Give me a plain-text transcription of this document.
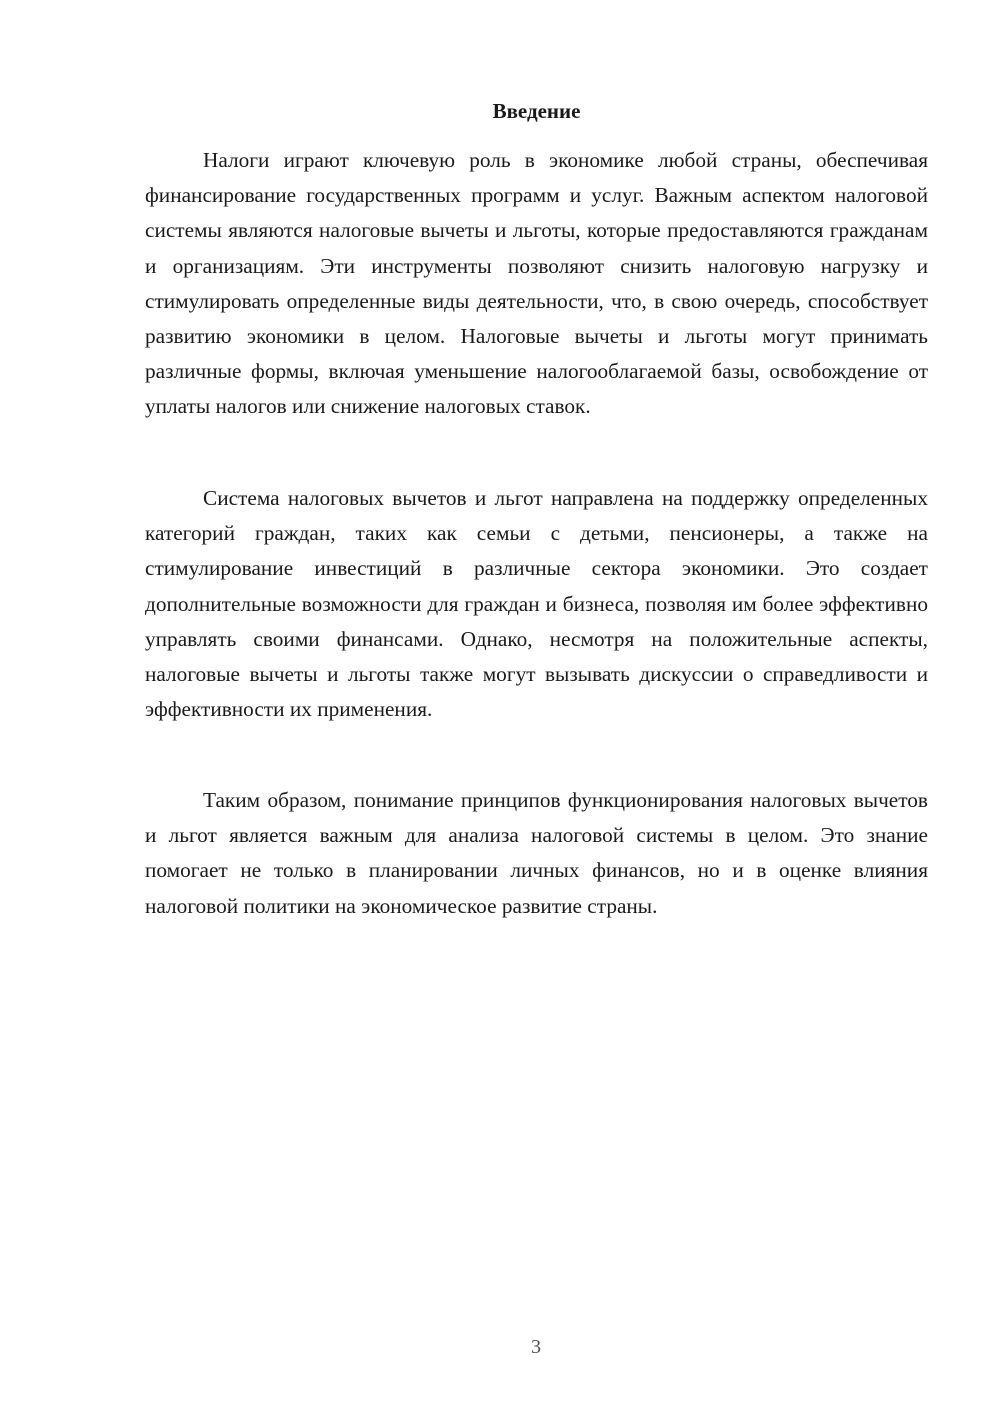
Введение

Налоги играют ключевую роль в экономике любой страны, обеспечивая финансирование государственных программ и услуг. Важным аспектом налоговой системы являются налоговые вычеты и льготы, которые предоставляются гражданам и организациям. Эти инструменты позволяют снизить налоговую нагрузку и стимулировать определенные виды деятельности, что, в свою очередь, способствует развитию экономики в целом. Налоговые вычеты и льготы могут принимать различные формы, включая уменьшение налогооблагаемой базы, освобождение от уплаты налогов или снижение налоговых ставок.

Система налоговых вычетов и льгот направлена на поддержку определенных категорий граждан, таких как семьи с детьми, пенсионеры, а также на стимулирование инвестиций в различные сектора экономики. Это создает дополнительные возможности для граждан и бизнеса, позволяя им более эффективно управлять своими финансами. Однако, несмотря на положительные аспекты, налоговые вычеты и льготы также могут вызывать дискуссии о справедливости и эффективности их применения.

Таким образом, понимание принципов функционирования налоговых вычетов и льгот является важным для анализа налоговой системы в целом. Это знание помогает не только в планировании личных финансов, но и в оценке влияния налоговой политики на экономическое развитие страны.

3
